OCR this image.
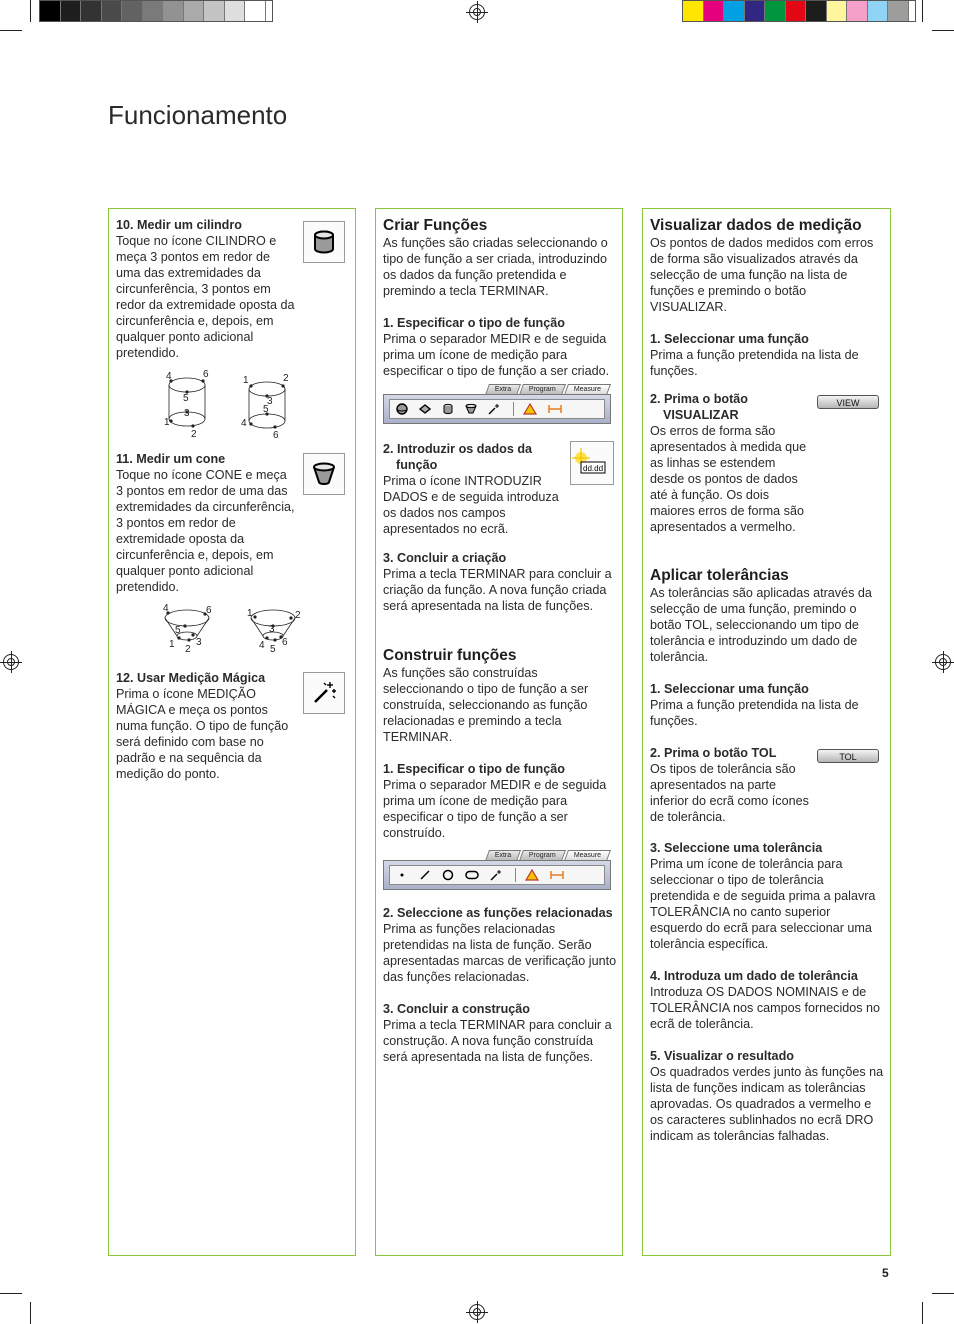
Funcionamento
10. Medir um cilindro

Toque no ícone CILINDRO e meça 3 pontos em redor de uma das extremidades da circunferência, 3 pontos em redor da extremidade oposta da circunferência e, depois, em qualquer ponto adicional pretendido.

4	6
5
3
1
2
1	2
3
5
4
6
11. Medir um cone

Toque no ícone CONE e meça 3 pontos em redor de uma das extremidades da circunferência, 3 pontos em redor de extremidade oposta da circunferência e, depois, em qualquer ponto adicional pretendido.

4	6
5
1 2
3
1	2
3
4 5
6
12. Usar Medição Mágica

Prima o ícone MEDIÇÃO MÁGICA e meça os pontos numa função. O tipo de função será definido com base no padrão e na sequência da medição do ponto.

Criar Funções

As funções são criadas seleccionando o tipo de função a ser criada, introduzindo os dados da função pretendida e premindo a tecla TERMINAR.

1. Especificar o tipo de função

Prima o separador MEDIR e de seguida prima um ícone de medição para especificar o tipo de função a ser criado.

Extra	Program	Measure
2. Introduzir os dados da
função

Prima o ícone INTRODUZIR DADOS e de seguida introduza os dados nos campos apresentados no ecrã.

dd.dd
3. Concluir a criação

Prima a tecla TERMINAR para concluir a criação da função. A nova função criada será apresentada na lista de funções.

Construir funções

As funções são construídas seleccionando o tipo de função a ser construída, seleccionando as função relacionadas e premindo a tecla TERMINAR.

1. Especificar o tipo de função

Prima o separador MEDIR e de seguida prima um ícone de medição para especificar o tipo de função a ser construído.

Extra	Program	Measure
2. Seleccione as funções relacionadas

Prima as funções relacionadas pretendidas na lista de função. Serão apresentadas marcas de verificação junto das funções relacionadas.

3. Concluir a construção

Prima a tecla TERMINAR para concluir a construção. A nova função construída será apresentada na lista de funções.

Visualizar dados de medição

Os pontos de dados medidos com erros de forma são visualizados através da selecção de uma função na lista de funções e premindo o botão VISUALIZAR.

1. Seleccionar uma função

Prima a função pretendida na lista de funções.

2. Prima o botão
VISUALIZAR

Os erros de forma são apresentados à medida que as linhas se estendem desde os pontos de dados até à função. Os dois maiores erros de forma são apresentados a vermelho.

VIEW
Aplicar tolerâncias

As tolerâncias são aplicadas através da selecção de uma função, premindo o botão TOL, seleccionando um tipo de tolerância e introduzindo um dado de tolerância.

1. Seleccionar uma função

Prima a função pretendida na lista de funções.

2. Prima o botão TOL

Os tipos de tolerância são apresentados na parte inferior do ecrã como ícones de tolerância.

TOL
3. Seleccione uma tolerância

Prima um ícone de tolerância para seleccionar o tipo de tolerância pretendida e de seguida prima a palavra TOLERÂNCIA no canto superior esquerdo do ecrã para seleccionar uma tolerância específica.

4. Introduza um dado de tolerância

Introduza OS DADOS NOMINAIS e de TOLERÂNCIA nos campos fornecidos no ecrã de tolerância.

5. Visualizar o resultado

Os quadrados verdes junto às funções na lista de funções indicam as tolerâncias aprovadas. Os quadrados a vermelho e os caracteres sublinhados no ecrã DRO indicam as tolerâncias falhadas.

5
